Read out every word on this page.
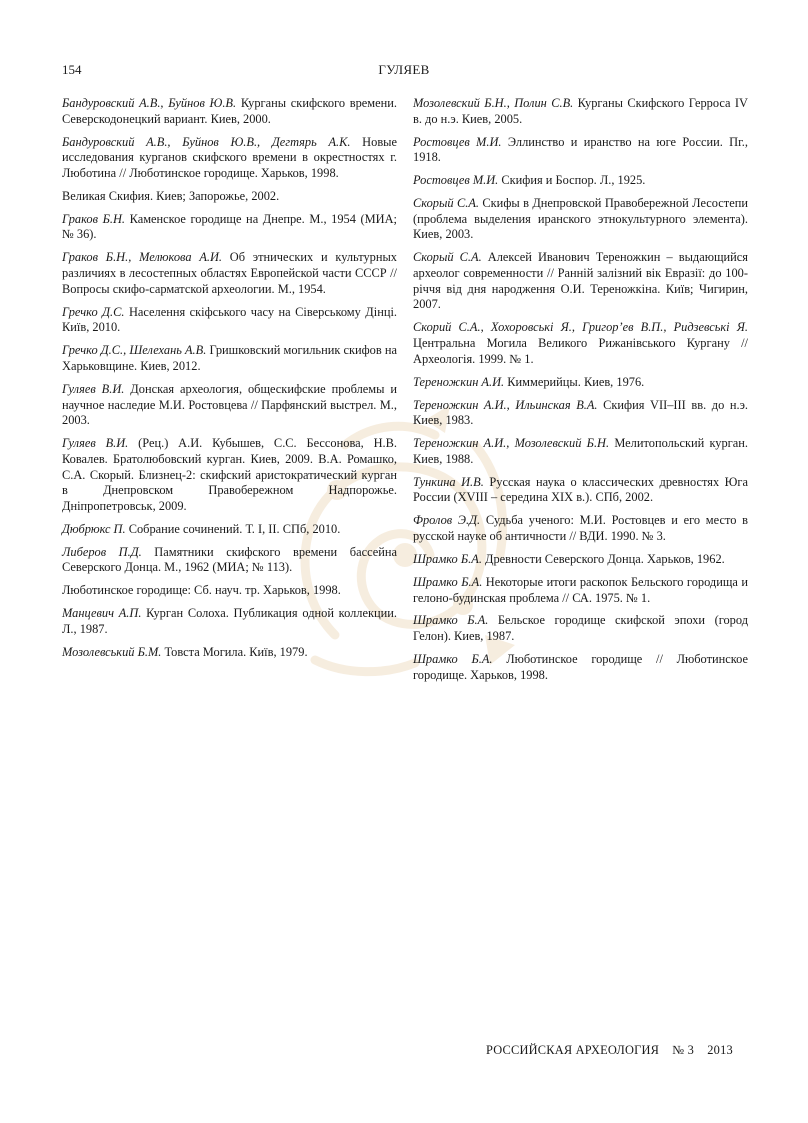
154	ГУЛЯЕВ

Бандуровский А.В., Буйнов Ю.В. Курганы скифского времени. Северскодонецкий вариант. Киев, 2000.

Бандуровский А.В., Буйнов Ю.В., Дегтярь А.К. Новые исследования курганов скифского времени в окрестностях г. Люботина // Люботинское городище. Харьков, 1998.

Великая Скифия. Киев; Запорожье, 2002.

Граков Б.Н. Каменское городище на Днепре. М., 1954 (МИА; № 36).

Граков Б.Н., Мелюкова А.И. Об этнических и культурных различиях в лесостепных областях Европейской части СССР // Вопросы скифо-сарматской археологии. М., 1954.

Гречко Д.С. Населення скіфського часу на Сіверському Дінці. Київ, 2010.

Гречко Д.С., Шелехань А.В. Гришковский могильник скифов на Харьковщине. Киев, 2012.

Гуляев В.И. Донская археология, общескифские проблемы и научное наследие М.И. Ростовцева // Парфянский выстрел. М., 2003.

Гуляев В.И. (Рец.) А.И. Кубышев, С.С. Бессонова, Н.В. Ковалев. Братолюбовский курган. Киев, 2009. В.А. Ромашко, С.А. Скорый. Близнец-2: скифский аристократический курган в Днепровском Правобережном Надпорожье. Дніпропетровськ, 2009.

Дюбрюкс П. Собрание сочинений. Т. I, II. СПб, 2010.

Либеров П.Д. Памятники скифского времени бассейна Северского Донца. М., 1962 (МИА; № 113).

Люботинское городище: Сб. науч. тр. Харьков, 1998.

Манцевич А.П. Курган Солоха. Публикация одной коллекции. Л., 1987.

Мозолевський Б.М. Товста Могила. Київ, 1979.

Мозолевский Б.Н., Полин С.В. Курганы Скифского Герроса IV в. до н.э. Киев, 2005.

Ростовцев М.И. Эллинство и иранство на юге России. Пг., 1918.

Ростовцев М.И. Скифия и Боспор. Л., 1925.

Скорый С.А. Скифы в Днепровской Правобережной Лесостепи (проблема выделения иранского этнокультурного элемента). Киев, 2003.

Скорый С.А. Алексей Иванович Тереножкин – выдающийся археолог современности // Ранній залізний вік Евразії: до 100-річчя від дня народження О.И. Тереножкіна. Київ; Чигирин, 2007.

Скорий С.А., Хохоровські Я., Григор’ев В.П., Ридзевські Я. Центральна Могила Великого Рижанівського Кургану // Археологія. 1999. № 1.

Тереножкин А.И. Киммерийцы. Киев, 1976.

Тереножкин А.И., Ильинская В.А. Скифия VII–III вв. до н.э. Киев, 1983.

Тереножкин А.И., Мозолевский Б.Н. Мелитопольский курган. Киев, 1988.

Тункина И.В. Русская наука о классических древностях Юга России (XVIII – середина XIX в.). СПб, 2002.

Фролов Э.Д. Судьба ученого: М.И. Ростовцев и его место в русской науке об античности // ВДИ. 1990. № 3.

Шрамко Б.А. Древности Северского Донца. Харьков, 1962.

Шрамко Б.А. Некоторые итоги раскопок Бельского городища и гелоно-будинская проблема // СА. 1975. № 1.

Шрамко Б.А. Бельское городище скифской эпохи (город Гелон). Киев, 1987.

Шрамко Б.А. Люботинское городище // Люботинское городище. Харьков, 1998.

РОССИЙСКАЯ АРХЕОЛОГИЯ № 3 2013
